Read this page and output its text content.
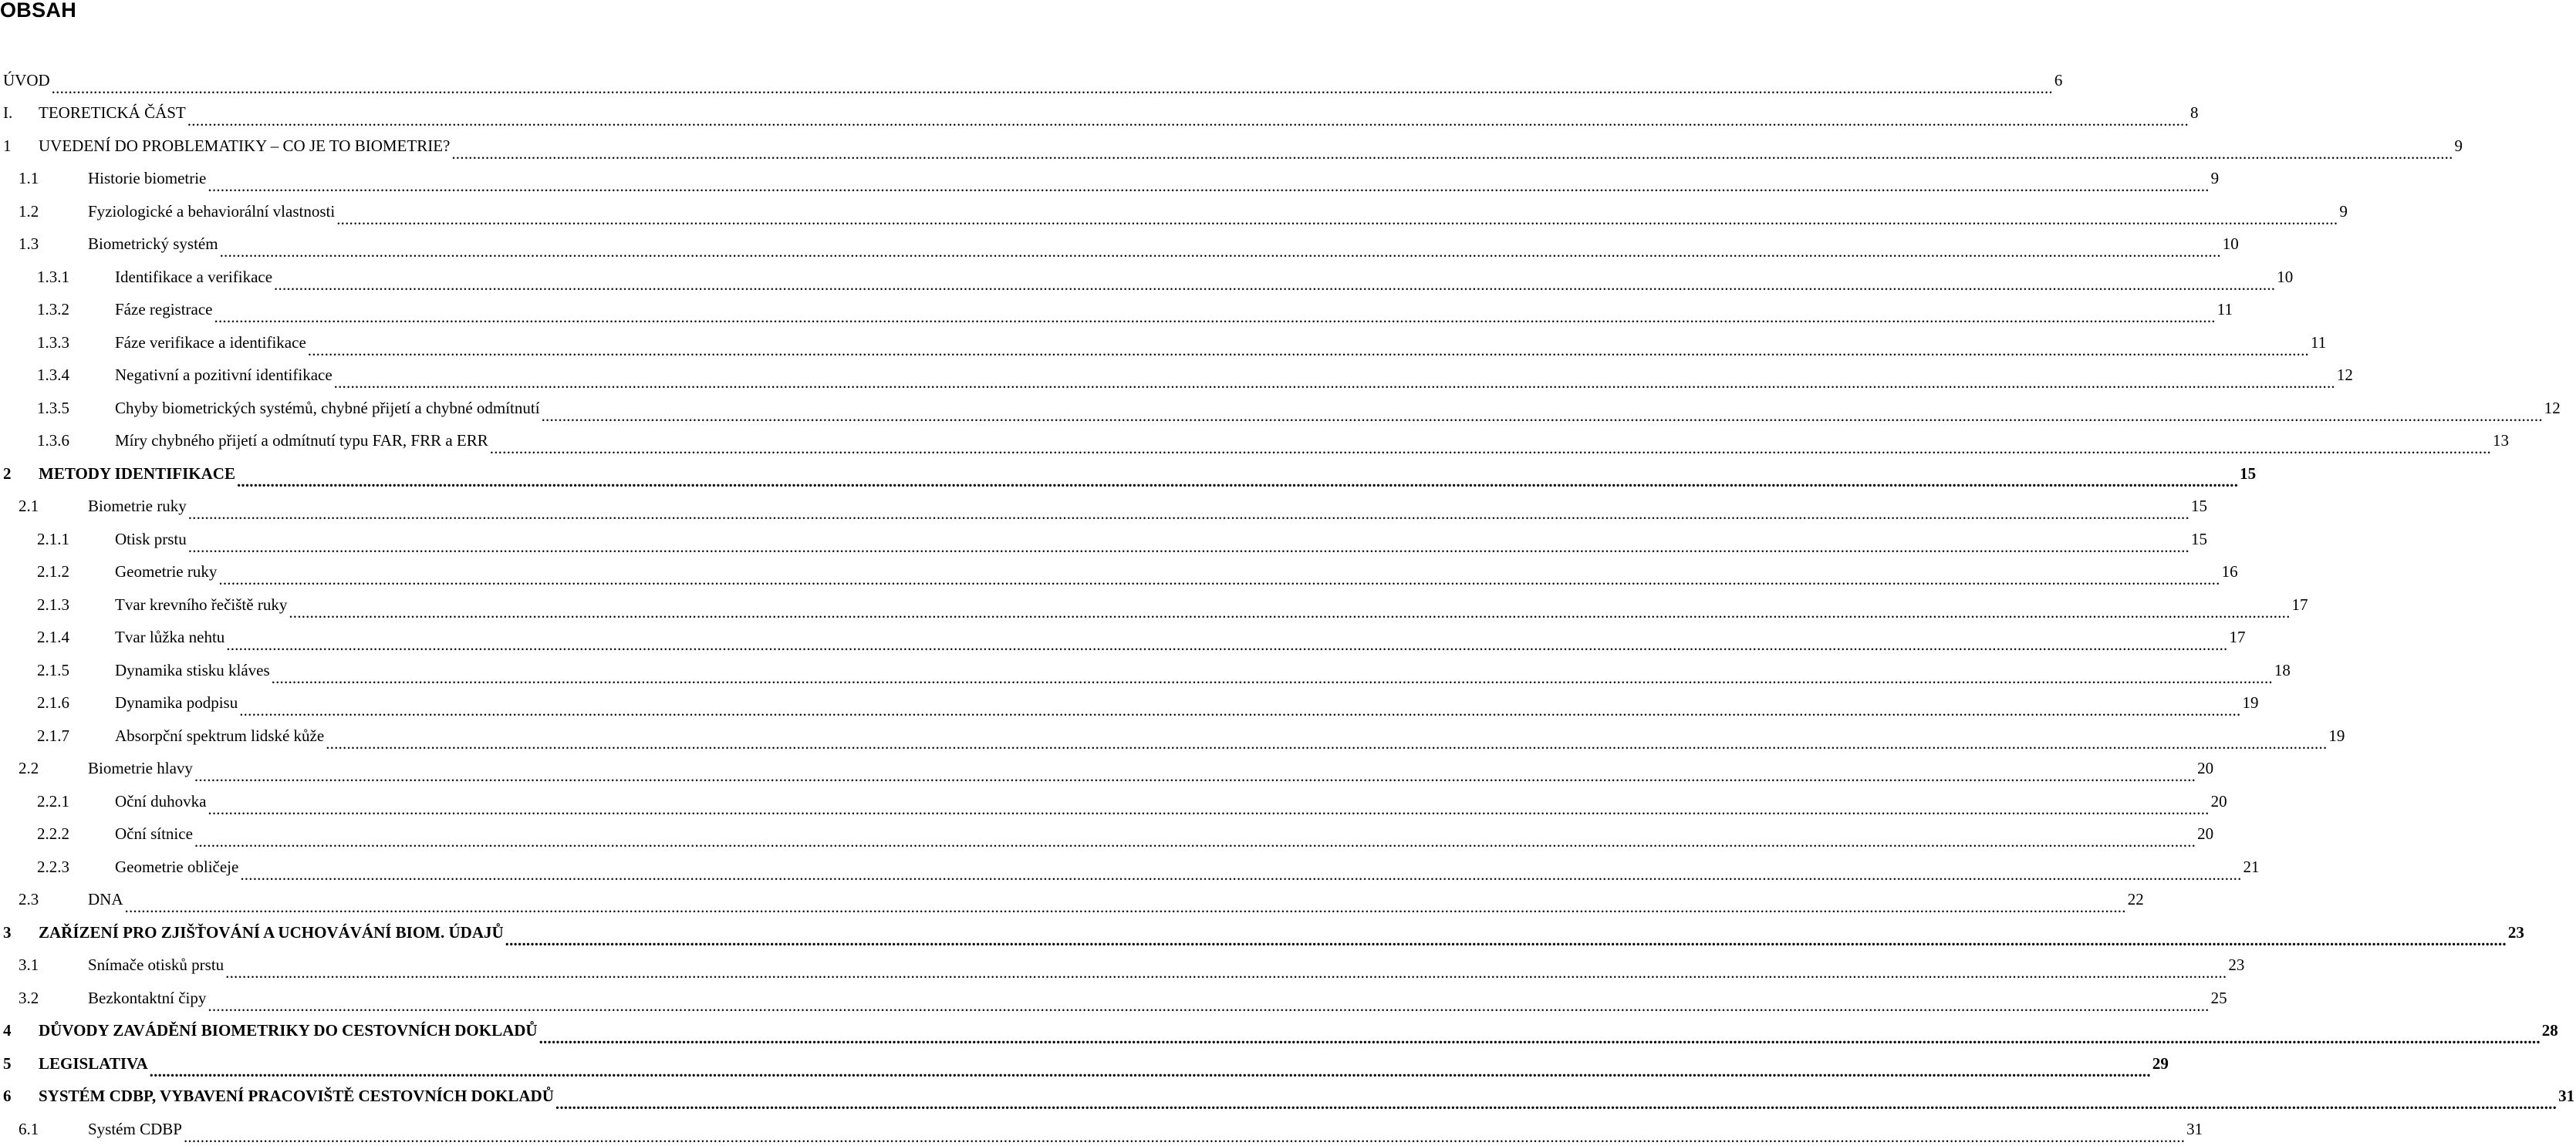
OBSAH
ÚVOD .....	6
I.	TEORETICKÁ ČÁST .....	8
1	UVEDENÍ DO PROBLEMATIKY – CO JE TO BIOMETRIE? .....	9
1.1	Historie biometrie .....	9
1.2	Fyziologické a behaviorální vlastnosti .....	9
1.3	Biometrický systém .....	10
1.3.1	Identifikace a verifikace .....	10
1.3.2	Fáze registrace .....	11
1.3.3	Fáze verifikace a identifikace .....	11
1.3.4	Negativní a pozitivní identifikace .....	12
1.3.5	Chyby biometrických systémů, chybné přijetí a chybné odmítnutí .....	12
1.3.6	Míry chybného přijetí a odmítnutí typu FAR, FRR a ERR .....	13
2	METODY IDENTIFIKACE .....	15
2.1	Biometrie ruky .....	15
2.1.1	Otisk prstu .....	15
2.1.2	Geometrie ruky .....	16
2.1.3	Tvar krevního řečiště ruky .....	17
2.1.4	Tvar lůžka nehtu .....	17
2.1.5	Dynamika stisku kláves .....	18
2.1.6	Dynamika podpisu .....	19
2.1.7	Absorpční spektrum lidské kůže .....	19
2.2	Biometrie hlavy .....	20
2.2.1	Oční duhovka .....	20
2.2.2	Oční sítnice .....	20
2.2.3	Geometrie obličeje .....	21
2.3	DNA .....	22
3	ZAŘÍZENÍ PRO ZJIŠŤOVÁNÍ A UCHOVÁVÁNÍ BIOM. ÚDAJŮ .....	23
3.1	Snímače otisků prstu .....	23
3.2	Bezkontaktní čipy .....	25
4	DŮVODY ZAVÁDĚNÍ BIOMETRIKY DO CESTOVNÍCH DOKLADŮ .....	28
5	LEGISLATIVA .....	29
6	SYSTÉM CDBP, VYBAVENÍ PRACOVIŠTĚ CESTOVNÍCH DOKLADŮ .....	31
6.1	Systém CDBP .....	31
